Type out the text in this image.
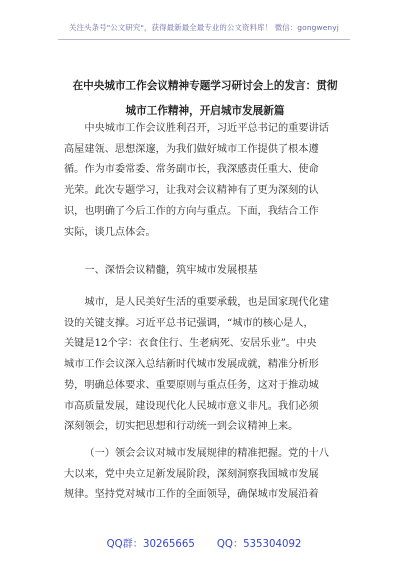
关注头条号"公文研究"，获得最新最全最专业的公文资料库！ 微信：gongwenyj
在中央城市工作会议精神专题学习研讨会上的发言：贯彻
城市工作精神，开启城市发展新篇
中央城市工作会议胜利召开，习近平总书记的重要讲话
高屋建瓴、思想深邃，为我们做好城市工作提供了根本遵
循。作为市委常委、常务副市长，我深感责任重大、使命
光荣。此次专题学习，让我对会议精神有了更为深刻的认
识，也明确了今后工作的方向与重点。下面，我结合工作
实际，谈几点体会。
一、深悟会议精髓，筑牢城市发展根基
城市，是人民美好生活的重要承载，也是国家现代化建
设的关键支撑。习近平总书记强调，“城市的核心是人，
关键是12个字：衣食住行、生老病死、安居乐业”。中央
城市工作会议深入总结新时代城市发展成就，精准分析形
势，明确总体要求、重要原则与重点任务，这对于推动城
市高质量发展，建设现代化人民城市意义非凡。我们必须
深刻领会，切实把思想和行动统一到会议精神上来。
（一）领会会议对城市发展规律的精准把握。党的十八
大以来，党中央立足新发展阶段，深刻洞察我国城市发展
规律。坚持党对城市工作的全面领导，确保城市发展沿着
QQ群：30265665 QQ：535304092
